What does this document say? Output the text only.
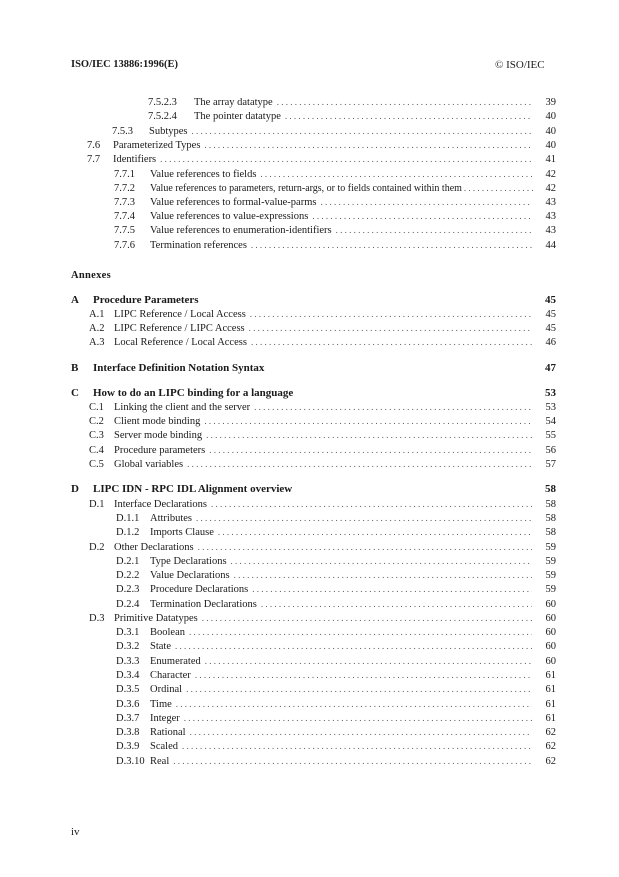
ISO/IEC 13886:1996(E)	© ISO/IEC
7.5.2.3	The array datatype . . .	39
7.5.2.4	The pointer datatype . . .	40
7.5.3	Subtypes . . .	40
7.6	Parameterized Types . . .	40
7.7	Identifiers . . .	41
7.7.1	Value references to fields . . .	42
7.7.2	Value references to parameters, return-args, or to fields contained within them . . .	42
7.7.3	Value references to formal-value-parms . . .	43
7.7.4	Value references to value-expressions . . .	43
7.7.5	Value references to enumeration-identifiers . . .	43
7.7.6	Termination references . . .	44
Annexes
A	Procedure Parameters	45
A.1 LIPC Reference / Local Access . . .	45
A.2 LIPC Reference / LIPC Access . . .	45
A.3 Local Reference / Local Access . . .	46
B	Interface Definition Notation Syntax	47
C	How to do an LIPC binding for a language	53
C.1 Linking the client and the server . . .	53
C.2 Client mode binding . . .	54
C.3 Server mode binding . . .	55
C.4 Procedure parameters . . .	56
C.5 Global variables . . .	57
D	LIPC IDN - RPC IDL Alignment overview	58
D.1 Interface Declarations . . .	58
D.1.1	Attributes . . .	58
D.1.2	Imports Clause . . .	58
D.2 Other Declarations . . .	59
D.2.1	Type Declarations . . .	59
D.2.2	Value Declarations . . .	59
D.2.3	Procedure Declarations . . .	59
D.2.4	Termination Declarations . . .	60
D.3 Primitive Datatypes . . .	60
D.3.1	Boolean . . .	60
D.3.2	State . . .	60
D.3.3	Enumerated . . .	60
D.3.4	Character . . .	61
D.3.5	Ordinal . . .	61
D.3.6	Time . . .	61
D.3.7	Integer . . .	61
D.3.8	Rational . . .	62
D.3.9	Scaled . . .	62
D.3.10 Real . . .	62
iv
